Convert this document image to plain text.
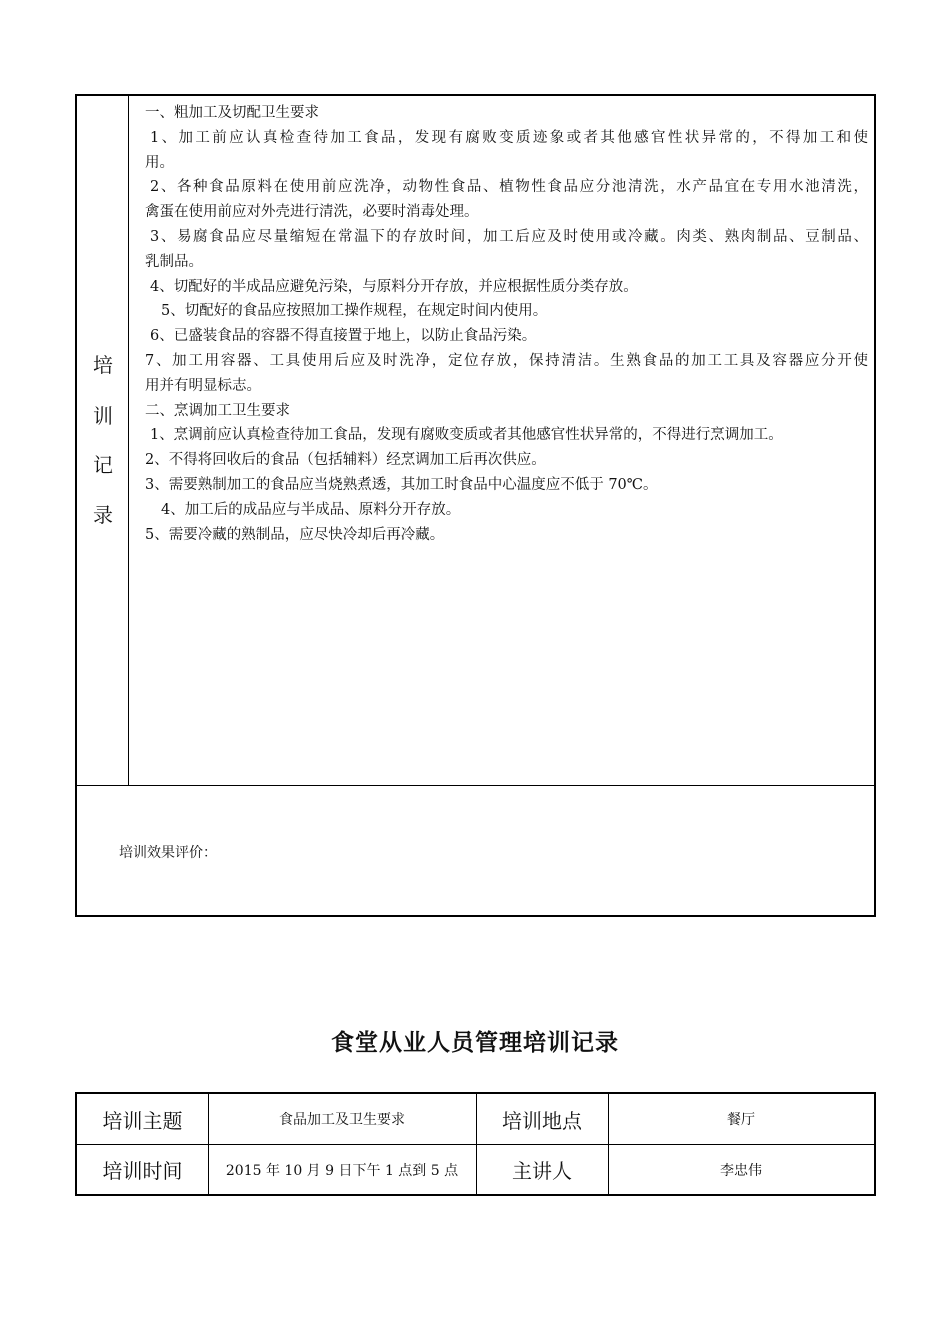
培
训
记
录
一、粗加工及切配卫生要求
1、加工前应认真检查待加工食品，发现有腐败变质迹象或者其他感官性状异常的，不得加工和使
用。
2、各种食品原料在使用前应洗净，动物性食品、植物性食品应分池清洗，水产品宜在专用水池清洗，
禽蛋在使用前应对外壳进行清洗，必要时消毒处理。
3、易腐食品应尽量缩短在常温下的存放时间，加工后应及时使用或冷藏。肉类、熟肉制品、豆制品、
乳制品。
4、切配好的半成品应避免污染，与原料分开存放，并应根据性质分类存放。
5、切配好的食品应按照加工操作规程，在规定时间内使用。
6、已盛装食品的容器不得直接置于地上，以防止食品污染。
7、加工用容器、工具使用后应及时洗净，定位存放，保持清洁。生熟食品的加工工具及容器应分开使
用并有明显标志。
二、烹调加工卫生要求
1、烹调前应认真检查待加工食品，发现有腐败变质或者其他感官性状异常的，不得进行烹调加工。
2、不得将回收后的食品（包括辅料）经烹调加工后再次供应。
3、需要熟制加工的食品应当烧熟煮透，其加工时食品中心温度应不低于 70℃。
4、加工后的成品应与半成品、原料分开存放。
5、需要冷藏的熟制品，应尽快冷却后再冷藏。
培训效果评价：
食堂从业人员管理培训记录
培训主题	食品加工及卫生要求	培训地点	餐厅
培训时间	2015 年 10 月 9 日下午 1 点到 5 点	主讲人	李忠伟
